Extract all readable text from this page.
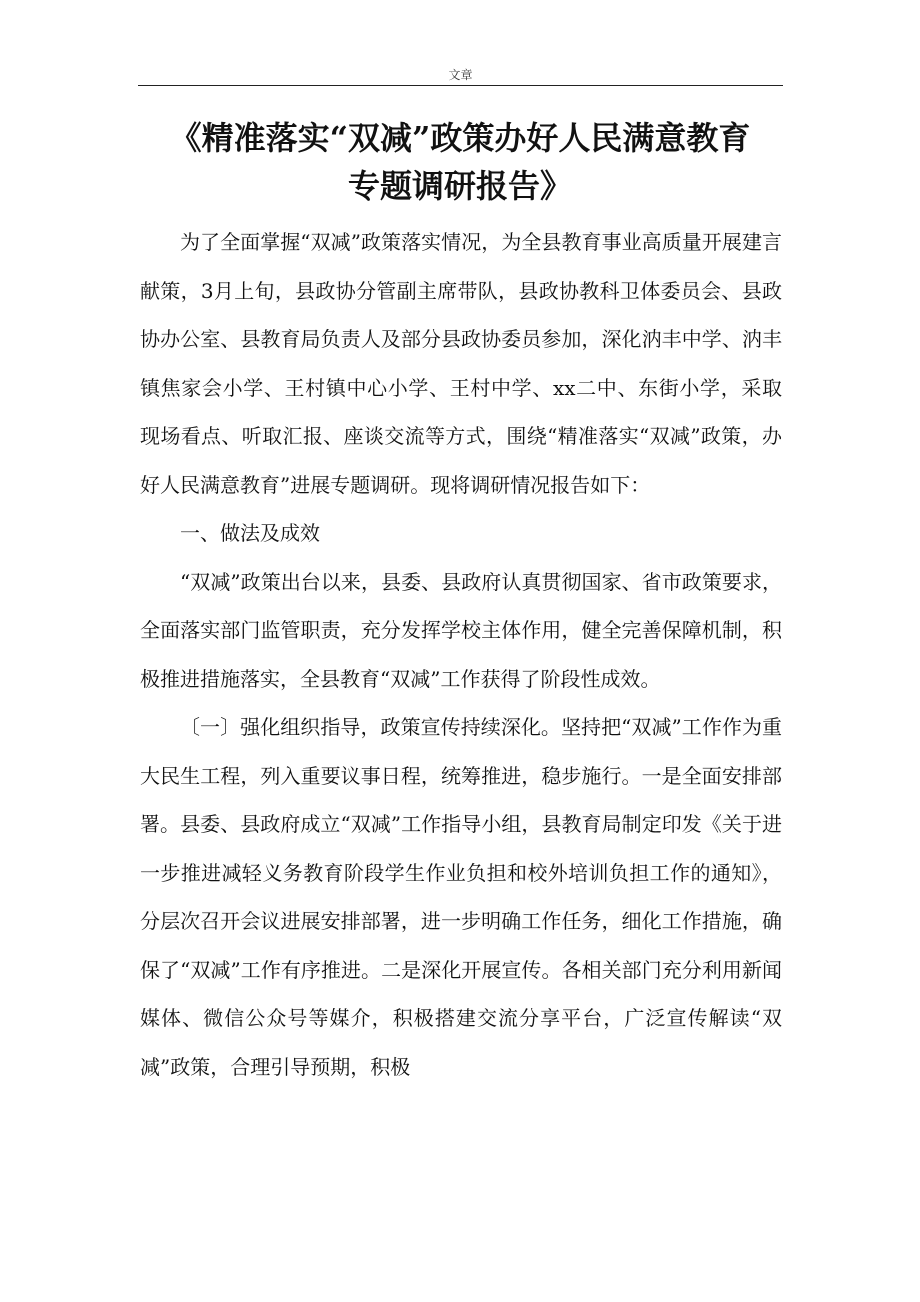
文章
《精准落实“双减”政策办好人民满意教育
专题调研报告》

为了全面掌握“双减”政策落实情况，为全县教育事业高质量开展建言献策，3月上旬，县政协分管副主席带队，县政协教科卫体委员会、县政协办公室、县教育局负责人及部分县政协委员参加，深化汭丰中学、汭丰镇焦家会小学、王村镇中心小学、王村中学、xx二中、东街小学，采取现场看点、听取汇报、座谈交流等方式，围绕“精准落实“双减”政策，办好人民满意教育”进展专题调研。现将调研情况报告如下：

一、做法及成效

“双减”政策出台以来，县委、县政府认真贯彻国家、省市政策要求，全面落实部门监管职责，充分发挥学校主体作用，健全完善保障机制，积极推进措施落实，全县教育“双减”工作获得了阶段性成效。

〔一〕强化组织指导，政策宣传持续深化。坚持把“双减”工作作为重大民生工程，列入重要议事日程，统筹推进，稳步施行。一是全面安排部署。县委、县政府成立“双减”工作指导小组，县教育局制定印发《关于进一步推进减轻义务教育阶段学生作业负担和校外培训负担工作的通知》，分层次召开会议进展安排部署，进一步明确工作任务，细化工作措施，确保了“双减”工作有序推进。二是深化开展宣传。各相关部门充分利用新闻媒体、微信公众号等媒介，积极搭建交流分享平台，广泛宣传解读“双减”政策，合理引导预期，积极
